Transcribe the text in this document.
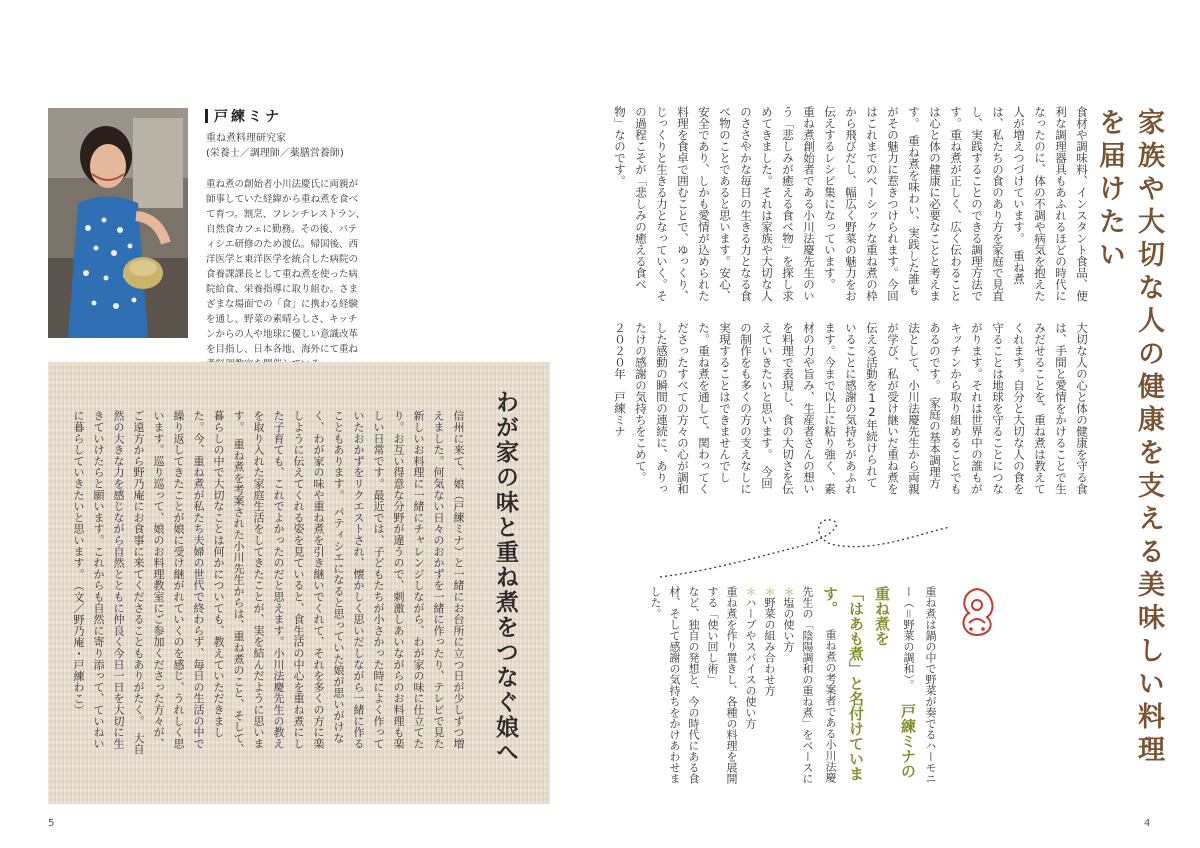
戸練ミナ
重ね煮料理研究家
(栄養士／調理師／薬膳営養師)

重ね煮の創始者小川法慶氏に両親が師事していた経緯から重ね煮を食べて育つ。割烹、フレンチレストラン、自然食カフェに勤務。その後、パティシエ研修のため渡仏。帰国後、西洋医学と東洋医学を統合した病院の食養課課長として重ね煮を使った病院給食、栄養指導に取り組む。さまざまな場面での「食」に携わる経験を通し、野菜の素晴らしさ、キッチンからの人や地球に優しい意識改革を目指し、日本各地、海外にて重ね

わが家の味と重ね煮をつなぐ娘へ

信州に来て、娘（戸練ミナ）と一緒にお台所に立つ日が少しずつ増えました。何気ない日々のおかずを一緒に作ったり、テレビで見た新しいお料理に一緒にチャレンジしながら、わが家の味に仕立てたり。お互い得意な分野が違うので、刺激しあいながらのお料理も楽しい日常です。最近では、子どもたちが小さかった時によく作っていたおかずをリクエストされ、懐かしく思いだしながら一緒に作ることもあります。　パティシエになると思っていた娘が思いがけなく、わが家の味や重ね煮を引き継いでくれて、それを多くの方に楽しように伝えてくれる姿を見ていると、食生活の中心を重ね煮にした子育ても、これでよかったのだと思えます。小川法慶先生の教えを取り入れた家庭生活をしてきたことが、実を結んだように思います。　重ね煮を考案された小川先生からは、重ね煮のこと、そして、暮らしの中で大切なことは何かについても、教えていただきました。今、重ね煮が私たち夫婦の世代で終わらず、毎日の生活の中で繰り返してきたことが娘に受け継がれていくのを感じ、うれしく思います。巡り巡って、娘のお料理教室にご参加くださった方々が、ご遠方から野乃庵にお食事に来てくださることもありがたく。　大自然の大きな力を感じながら自然とともに仲良く今日一日を大切に生きていけたらと願います。これからも自然に寄り添って、ていねいに暮らしていきたいと思います。　（文／野乃庵・戸練わこ）

5

家族や大切な人の健康を支える美味しい料理を届けたい

食材や調味料、インスタント食品、便利な調理器具もあふれるほどの時代になったのに、体の不調や病気を抱えた人が増えつづけています。　重ね煮は、私たちの食のあり方を家庭で見直し、実践することのできる調理方法です。重ね煮が正しく、広く伝わることは心と体の健康に必要なことと考えます。　重ね煮を味わい、実践した誰もがその魅力に惹きつけられます。今回はこれまでのベーシックな重ね煮の枠から飛びだし、幅広く野菜の魅力をお伝えするレシピ集になっています。　重ね煮創始者である小川法慶先生のいう「悲しみが癒える食べ物」を探し求めてきました。それは家族や大切な人のささやかな毎日の生きる力となる食べ物のことであると思います。安心、安全であり、しかも愛情が込められた料理を食卓で囲むことで、ゆっくり、じっくりと生きる力となっていく。その過程こそが「悲しみの癒える食べ物」なのです。

大切な人の心と体の健康を守る食は、手間と愛情をかけることで生みだせることを、重ね煮は教えてくれます。自分と大切な人の食を守ることは地球を守ることにつながります。それは世界中の誰もがキッチンから取り組めることでもあるのです。　家庭の基本調理方法として、小川法慶先生から両親が学び、私が受け継いだ重ね煮を伝える活動を12年続けられていることに感謝の気持ちがあふれます。今まで以上に粘り強く、素材の力や旨み、生産者さんの想いを料理で表現し、食の大切さを伝えていきたいと思います。　今回の制作をも多くの方の支えなしに実現することはできませんでした。重ね煮を通して、関わってくださったすべての方々の心が調和した感動の瞬間の連続に、ありったけの感謝の気持ちをこめて。　２０２０年　戸練ミナ

重ね煮は鍋の中で野菜が奏でるハーモニー（＝野菜の調和）。 戸練ミナの重ね煮を
「はあも煮」と名付けています。 重ね煮の考案者である小川法慶先生の「陰陽調和の重ね煮」をベースに
＊塩の使い方
＊野菜の組み合わせ方
＊ハーブやスパイスの使い方
重ね煮を作り置きし、各種の料理を展開する「使い回し術」
など、独自の発想と、今の時代にある食材、そして感謝の気持ちをかけあわせました。
4
